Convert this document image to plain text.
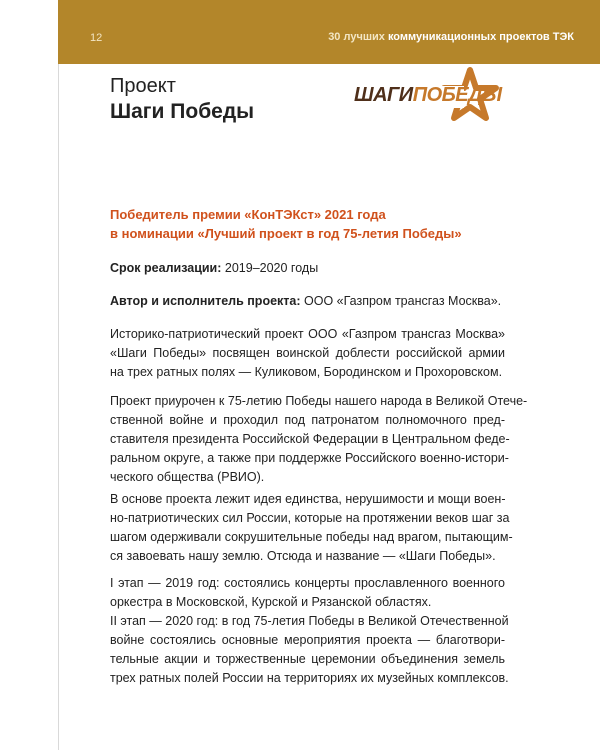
12	30 лучших коммуникационных проектов ТЭК
Проект
Шаги Победы
ШАГИПОБЕДЫ
Победитель премии «КонТЭКст» 2021 года
в номинации «Лучший проект в год 75-летия Победы»
Срок реализации: 2019–2020 годы
Автор и исполнитель проекта: ООО «Газпром трансгаз Москва».
Историко-патриотический проект ООО «Газпром трансгаз Москва»
«Шаги Победы» посвящен воинской доблести российской армии
на трех ратных полях — Куликовом, Бородинском и Прохоровском.
Проект приурочен к 75-летию Победы нашего народа в Великой Отече-
ственной войне и проходил под патронатом полномочного пред-
ставителя президента Российской Федерации в Центральном феде-
ральном округе, а также при поддержке Российского военно-истори-
ческого общества (РВИО).
В основе проекта лежит идея единства, нерушимости и мощи воен-
но-патриотических сил России, которые на протяжении веков шаг за
шагом одерживали сокрушительные победы над врагом, пытающим-
ся завоевать нашу землю. Отсюда и название — «Шаги Победы».
I этап — 2019 год: состоялись концерты прославленного военного
оркестра в Московской, Курской и Рязанской областях.
II этап — 2020 год: в год 75-летия Победы в Великой Отечественной
войне состоялись основные мероприятия проекта — благотвори-
тельные акции и торжественные церемонии объединения земель
трех ратных полей России на территориях их музейных комплексов.
